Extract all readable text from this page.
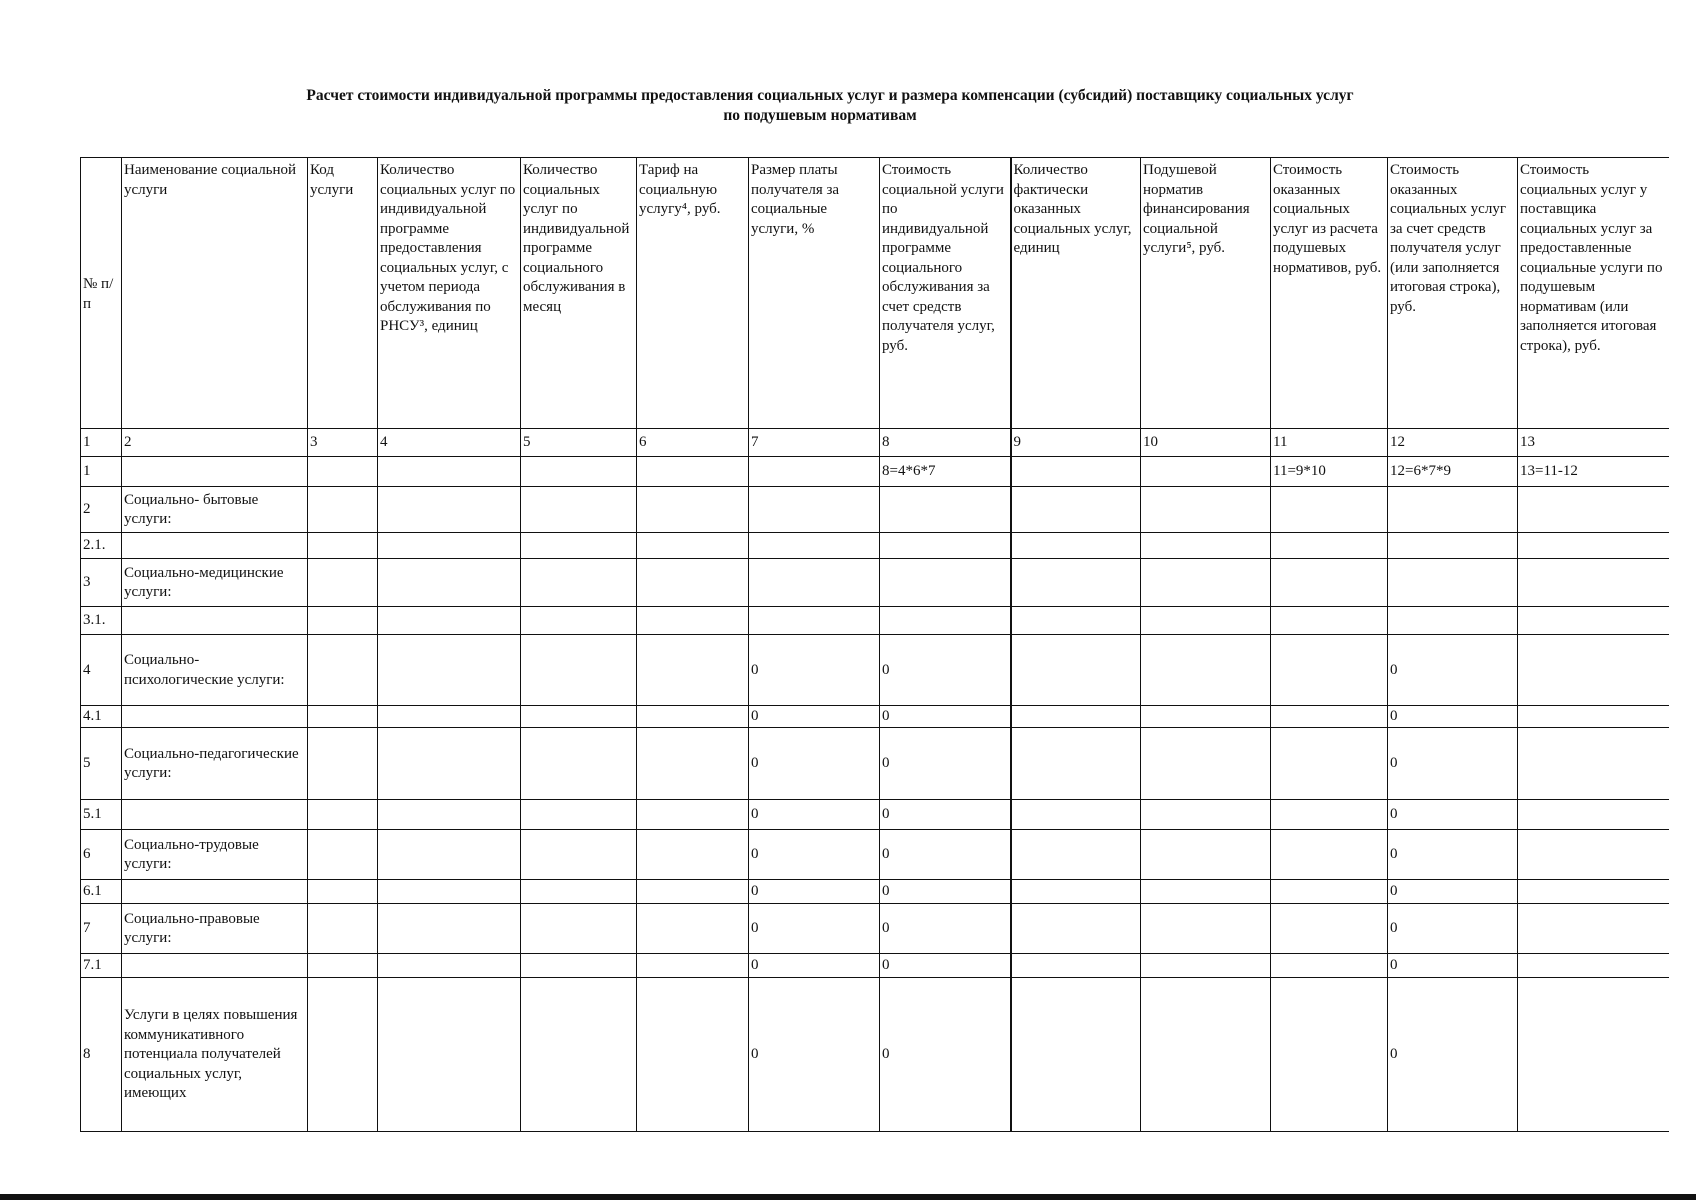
Расчет стоимости индивидуальной программы предоставления социальных услуг и размера компенсации (субсидий) поставщику социальных услуг
по подушевым нормативам
№ п/п	Наименование социальной услуги	Код услуги	Количество социальных услуг по индивидуальной программе предоставления социальных услуг, с учетом периода обслуживания по РНСУ³, единиц	Количество социальных услуг по индивидуальной программе социального обслуживания в месяц	Тариф на социальную услугу⁴, руб.	Размер платы получателя за социальные услуги, %	Стоимость социальной услуги по индивидуальной программе социального обслуживания за счет средств получателя услуг, руб.	Количество фактически оказанных социальных услуг, единиц	Подушевой норматив финансирования социальной услуги⁵, руб.	Стоимость оказанных социальных услуг из расчета подушевых нормативов, руб.	Стоимость оказанных социальных услуг за счет средств получателя услуг (или заполняется итоговая строка), руб.	Стоимость социальных услуг у поставщика социальных услуг за предоставленные социальные услуги по подушевым нормативам (или заполняется итоговая строка), руб.
1	2	3	4	5	6	7	8	9	10	11	12	13
1							8=4*6*7			11=9*10	12=6*7*9	13=11-12
2	Социально- бытовые услуги:											
2.1.												
3	Социально-медицинские услуги:											
3.1.												
4	Социально-психологические услуги:					0	0				0	
4.1						0	0				0	
5	Социально-педагогические услуги:					0	0				0	
5.1						0	0				0	
6	Социально-трудовые услуги:					0	0				0	
6.1						0	0				0	
7	Социально-правовые услуги:					0	0				0	
7.1						0	0				0	
8	Услуги в целях повышения коммуникативного потенциала получателей социальных услуг, имеющих					0	0				0	
